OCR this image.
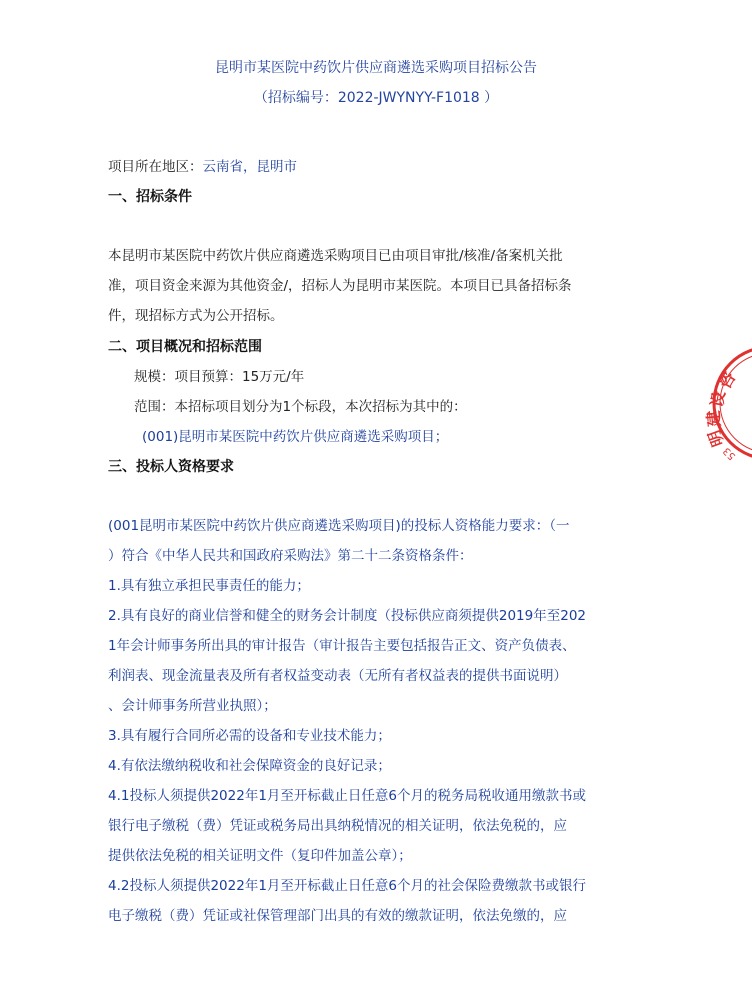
昆明市某医院中药饮片供应商遴选采购项目招标公告
（招标编号：2022-JWYNYY-F1018 ）
项目所在地区：云南省，昆明市
一、招标条件
本昆明市某医院中药饮片供应商遴选采购项目已由项目审批/核准/备案机关批
准，项目资金来源为其他资金/，招标人为昆明市某医院。本项目已具备招标条
件，现招标方式为公开招标。
二、项目概况和招标范围
规模：项目预算：15万元/年
范围：本招标项目划分为1个标段，本次招标为其中的：
(001)昆明市某医院中药饮片供应商遴选采购项目；
三、投标人资格要求
(001昆明市某医院中药饮片供应商遴选采购项目)的投标人资格能力要求：（一
）符合《中华人民共和国政府采购法》第二十二条资格条件：
1.具有独立承担民事责任的能力；
2.具有良好的商业信誉和健全的财务会计制度（投标供应商须提供2019年至202
1年会计师事务所出具的审计报告（审计报告主要包括报告正文、资产负债表、
利润表、现金流量表及所有者权益变动表（无所有者权益表的提供书面说明）
、会计师事务所营业执照）；
3.具有履行合同所必需的设备和专业技术能力；
4.有依法缴纳税收和社会保障资金的良好记录；
4.1投标人须提供2022年1月至开标截止日任意6个月的税务局税收通用缴款书或
银行电子缴税（费）凭证或税务局出具纳税情况的相关证明，依法免税的，应
提供依法免税的相关证明文件（复印件加盖公章）；
4.2投标人须提供2022年1月至开标截止日任意6个月的社会保险费缴款书或银行
电子缴税（费）凭证或社保管理部门出具的有效的缴款证明，依法免缴的，应
咨
设
建
明
53
